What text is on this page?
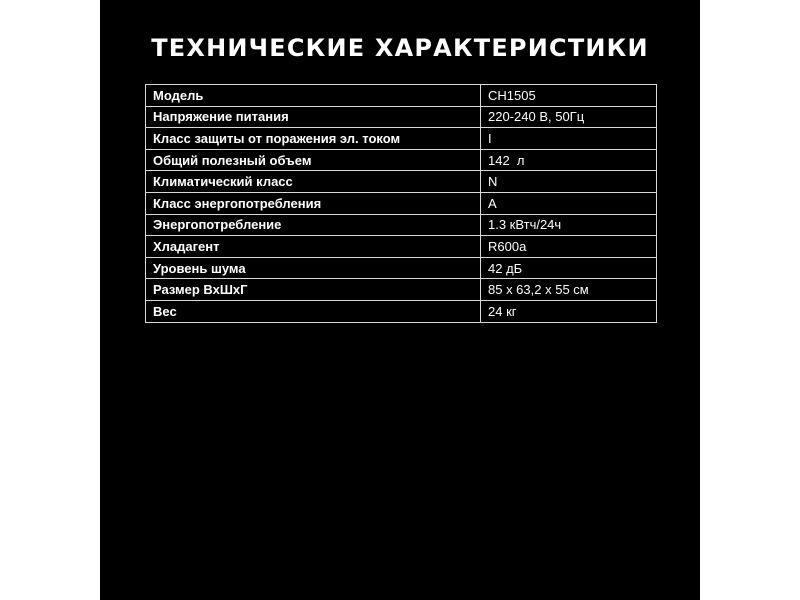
ТЕХНИЧЕСКИЕ ХАРАКТЕРИСТИКИ
Модель	CH1505
Напряжение питания	220-240 В, 50Гц
Класс защиты от поражения эл. током	I
Общий полезный объем	142  л
Климатический класс	N
Класс энергопотребления	A
Энергопотребление	1.3 кВтч/24ч
Хладагент	R600a
Уровень шума	42 дБ
Размер ВхШхГ	85 x 63,2 x 55 см
Вес	24 кг
